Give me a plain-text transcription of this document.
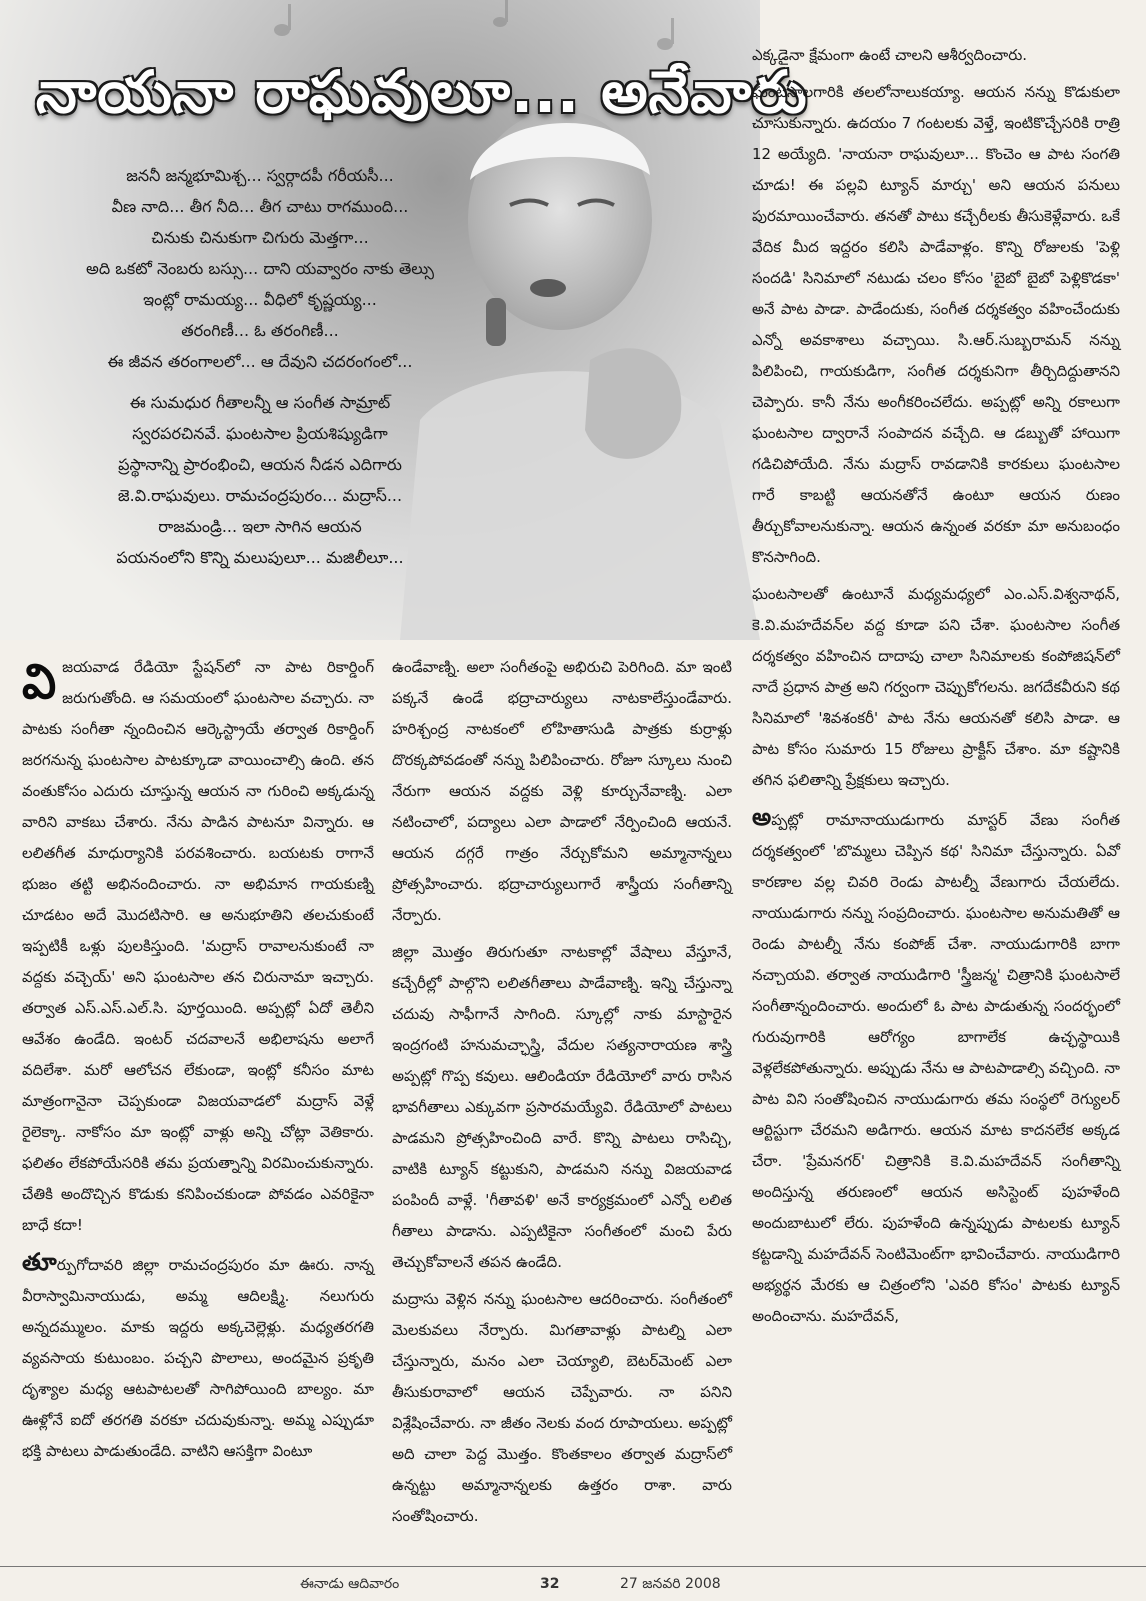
నాయనా రాఘవులూ... అనేవారు
జననీ జన్మభూమిశ్చ... స్వర్గాదపీ గరీయసీ...
వీణ నాది... తీగ నీది... తీగ చాటు రాగముంది...
చినుకు చినుకుగా చిగురు మెత్తగా...
అది ఒకటో నెంబరు బస్సు... దాని యవ్వారం నాకు తెల్సు
ఇంట్లో రామయ్య... వీధిలో కృష్ణయ్య...
తరంగిణీ... ఓ తరంగిణీ...
ఈ జీవన తరంగాలలో... ఆ దేవుని చదరంగంలో...
ఈ సుమధుర గీతాలన్నీ ఆ సంగీత సామ్రాట్
స్వరపరచినవే. ఘంటసాల ప్రియశిష్యుడిగా
ప్రస్థానాన్ని ప్రారంభించి, ఆయన నీడన ఎదిగారు
జె.వి.రాఘవులు. రామచంద్రపురం... మద్రాస్...
రాజమండ్రి... ఇలా సాగిన ఆయన
పయనంలోని కొన్ని మలుపులూ... మజిలీలూ...

విజయవాడ రేడియో స్టేషన్‌లో నా పాట రికార్డింగ్ జరుగుతోంది. ఆ సమయంలో ఘంటసాల వచ్చారు. నా పాటకు సంగీతా న్నందించిన ఆర్కెస్ట్రాయే తర్వాత రికార్డింగ్ జరగనున్న ఘంటసాల పాటక్కూడా వాయించాల్సి ఉంది. తన వంతుకోసం ఎదురు చూస్తున్న ఆయన నా గురించి అక్కడున్న వారిని వాకబు చేశారు. నేను పాడిన పాటనూ విన్నారు. ఆ లలితగీత మాధుర్యానికి పరవశించారు. బయటకు రాగానే భుజం తట్టి అభినందించారు. నా అభిమాన గాయకుణ్ని చూడటం అదే మొదటిసారి. ఆ అనుభూతిని తలచుకుంటే ఇప్పటికీ ఒళ్లు పులకిస్తుంది. 'మద్రాస్ రావాలనుకుంటే నా వద్దకు వచ్చెయ్' అని ఘంటసాల తన చిరునామా ఇచ్చారు. తర్వాత ఎస్.ఎస్.ఎల్.సి. పూర్తయింది. అప్పట్లో ఏదో తెలీని ఆవేశం ఉండేది. ఇంటర్ చదవాలనే అభిలాషను అలాగే వదిలేశా. మరో ఆలోచన లేకుండా, ఇంట్లో కనీసం మాట మాత్రంగానైనా చెప్పకుండా విజయవాడలో మద్రాస్ వెళ్లే రైలెక్కా. నాకోసం మా ఇంట్లో వాళ్లు అన్ని చోట్లా వెతికారు. ఫలితం లేకపోయేసరికి తమ ప్రయత్నాన్ని విరమించుకున్నారు. చేతికి అందొచ్చిన కొడుకు కనిపించకుండా పోవడం ఎవరికైనా బాధే కదా!

తూర్పుగోదావరి జిల్లా రామచంద్రపురం మా ఊరు. నాన్న వీరాస్వామినాయుడు, అమ్మ ఆదిలక్ష్మి. నలుగురు అన్నదమ్ములం. మాకు ఇద్దరు అక్కచెల్లెళ్లు. మధ్యతరగతి వ్యవసాయ కుటుంబం. పచ్చని పొలాలు, అందమైన ప్రకృతి దృశ్యాల మధ్య ఆటపాటలతో సాగిపోయింది బాల్యం. మా ఊళ్లోనే ఐదో తరగతి వరకూ చదువుకున్నా. అమ్మ ఎప్పుడూ భక్తి పాటలు పాడుతుండేది. వాటిని ఆసక్తిగా వింటూ

ఉండేవాణ్ని. అలా సంగీతంపై అభిరుచి పెరిగింది. మా ఇంటి పక్కనే ఉండే భద్రాచార్యులు నాటకాలేస్తుండేవారు. హరిశ్చంద్ర నాటకంలో లోహితాసుడి పాత్రకు కుర్రాళ్లు దొరక్కపోవడంతో నన్ను పిలిపించారు. రోజూ స్కూలు నుంచి నేరుగా ఆయన వద్దకు వెళ్లి కూర్చునేవాణ్ని. ఎలా నటించాలో, పద్యాలు ఎలా పాడాలో నేర్పించింది ఆయనే. ఆయన దగ్గరే గాత్రం నేర్చుకోమని అమ్మానాన్నలు ప్రోత్సహించారు. భద్రాచార్యులుగారే శాస్త్రీయ సంగీతాన్ని నేర్పారు.

జిల్లా మొత్తం తిరుగుతూ నాటకాల్లో వేషాలు వేస్తూనే, కచ్చేరీల్లో పాల్గొని లలితగీతాలు పాడేవాణ్ని. ఇన్ని చేస్తున్నా చదువు సాఫీగానే సాగింది. స్కూల్లో నాకు మాస్టారైన ఇంద్రగంటి హనుమచ్ఛాస్త్రి, వేదుల సత్యనారాయణ శాస్త్రి అప్పట్లో గొప్ప కవులు. ఆలిండియా రేడియోలో వారు రాసిన భావగీతాలు ఎక్కువగా ప్రసారమయ్యేవి. రేడియోలో పాటలు పాడమని ప్రోత్సహించింది వారే. కొన్ని పాటలు రాసిచ్చి, వాటికి ట్యూన్ కట్టుకుని, పాడమని నన్ను విజయవాడ పంపిందీ వాళ్లే. 'గీతావళి' అనే కార్యక్రమంలో ఎన్నో లలిత గీతాలు పాడాను. ఎప్పటికైనా సంగీతంలో మంచి పేరు తెచ్చుకోవాలనే తపన ఉండేది.

మద్రాసు వెళ్లిన నన్ను ఘంటసాల ఆదరించారు. సంగీతంలో మెలకువలు నేర్పారు. మిగతావాళ్లు పాటల్ని ఎలా చేస్తున్నారు, మనం ఎలా చెయ్యాలి, బెటర్‌మెంట్ ఎలా తీసుకురావాలో ఆయన చెప్పేవారు. నా పనిని విశ్లేషించేవారు. నా జీతం నెలకు వంద రూపాయలు. అప్పట్లో అది చాలా పెద్ద మొత్తం. కొంతకాలం తర్వాత మద్రాస్‌లో ఉన్నట్టు అమ్మానాన్నలకు ఉత్తరం రాశా. వారు సంతోషించారు.

ఎక్కడైనా క్షేమంగా ఉంటే చాలని ఆశీర్వదించారు.

ఘంటసాలగారికి తలలోనాలుకయ్యా. ఆయన నన్ను కొడుకులా చూసుకున్నారు. ఉదయం 7 గంటలకు వెళ్తే, ఇంటికొచ్చేసరికి రాత్రి 12 అయ్యేది. 'నాయనా రాఘవులూ... కొంచెం ఆ పాట సంగతి చూడు! ఈ పల్లవి ట్యూన్ మార్చు' అని ఆయన పనులు పురమాయించేవారు. తనతో పాటు కచ్చేరీలకు తీసుకెళ్లేవారు. ఒకే వేదిక మీద ఇద్దరం కలిసి పాడేవాళ్లం. కొన్ని రోజులకు 'పెళ్లి సందడి' సినిమాలో నటుడు చలం కోసం 'బైబో బైబో పెళ్లికొడకా' అనే పాట పాడా. పాడేందుకు, సంగీత దర్శకత్వం వహించేందుకు ఎన్నో అవకాశాలు వచ్చాయి. సి.ఆర్.సుబ్బరామన్ నన్ను పిలిపించి, గాయకుడిగా, సంగీత దర్శకునిగా తీర్చిదిద్దుతానని చెప్పారు. కానీ నేను అంగీకరించలేదు. అప్పట్లో అన్ని రకాలుగా ఘంటసాల ద్వారానే సంపాదన వచ్చేది. ఆ డబ్బుతో హాయిగా గడిచిపోయేది. నేను మద్రాస్ రావడానికి కారకులు ఘంటసాల గారే కాబట్టి ఆయనతోనే ఉంటూ ఆయన రుణం తీర్చుకోవాలనుకున్నా. ఆయన ఉన్నంత వరకూ మా అనుబంధం కొనసాగింది.

ఘంటసాలతో ఉంటూనే మధ్యమధ్యలో ఎం.ఎస్.విశ్వనాథన్, కె.వి.మహదేవన్‌ల వద్ద కూడా పని చేశా. ఘంటసాల సంగీత దర్శకత్వం వహించిన దాదాపు చాలా సినిమాలకు కంపోజిషన్‌లో నాదే ప్రధాన పాత్ర అని గర్వంగా చెప్పుకోగలను. జగదేకవీరుని కథ సినిమాలో 'శివశంకరీ' పాట నేను ఆయనతో కలిసి పాడా. ఆ పాట కోసం సుమారు 15 రోజులు ప్రాక్టీస్ చేశాం. మా కష్టానికి తగిన ఫలితాన్ని ప్రేక్షకులు ఇచ్చారు.

అప్పట్లో రామానాయుడుగారు మాస్టర్ వేణు సంగీత దర్శకత్వంలో 'బొమ్మలు చెప్పిన కథ' సినిమా చేస్తున్నారు. ఏవో కారణాల వల్ల చివరి రెండు పాటల్నీ వేణుగారు చేయలేదు. నాయుడుగారు నన్ను సంప్రదించారు. ఘంటసాల అనుమతితో ఆ రెండు పాటల్నీ నేను కంపోజ్ చేశా. నాయుడుగారికి బాగా నచ్చాయవి. తర్వాత నాయుడిగారి 'స్త్రీజన్మ' చిత్రానికి ఘంటసాలే సంగీతాన్నందించారు. అందులో ఓ పాట పాడుతున్న సందర్భంలో గురువుగారికి ఆరోగ్యం బాగాలేక ఉచ్ఛస్థాయికి వెళ్లలేకపోతున్నారు. అప్పుడు నేను ఆ పాటపాడాల్సి వచ్చింది. నా పాట విని సంతోషించిన నాయుడుగారు తమ సంస్థలో రెగ్యులర్ ఆర్టిస్టుగా చేరమని అడిగారు. ఆయన మాట కాదనలేక అక్కడ చేరా. 'ప్రేమనగర్' చిత్రానికి కె.వి.మహదేవన్ సంగీతాన్ని అందిస్తున్న తరుణంలో ఆయన అసిస్టెంట్ పుహళేంది అందుబాటులో లేరు. పుహళేంది ఉన్నప్పుడు పాటలకు ట్యూన్ కట్టడాన్ని మహదేవన్ సెంటిమెంట్‌గా భావించేవారు. నాయుడిగారి అభ్యర్థన మేరకు ఆ చిత్రంలోని 'ఎవరి కోసం' పాటకు ట్యూన్ అందించాను. మహదేవన్,

ఈనాడు ఆదివారం	32	27 జనవరి 2008
